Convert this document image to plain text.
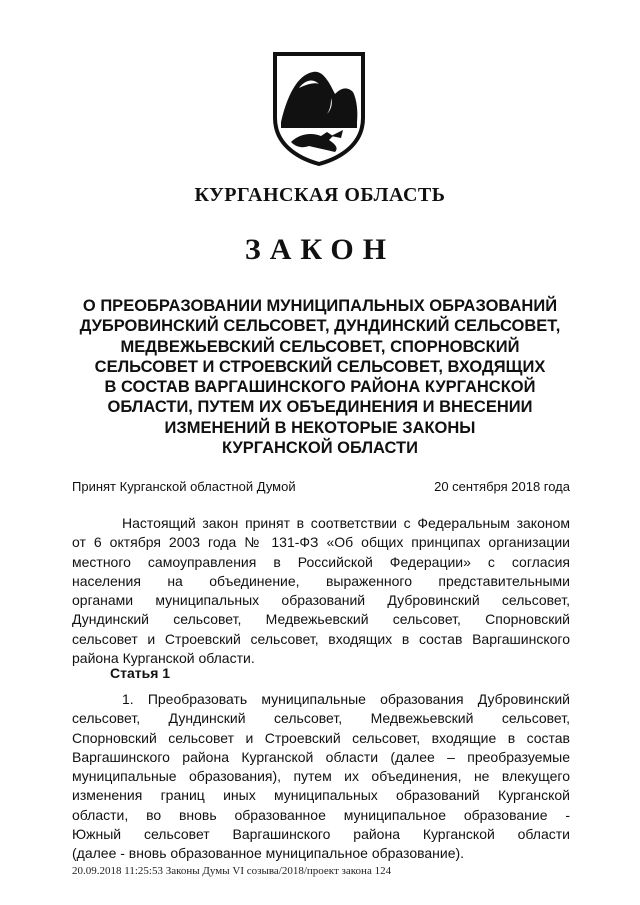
КУРГАНСКАЯ ОБЛАСТЬ
ЗАКОН
О ПРЕОБРАЗОВАНИИ МУНИЦИПАЛЬНЫХ ОБРАЗОВАНИЙ
ДУБРОВИНСКИЙ СЕЛЬСОВЕТ, ДУНДИНСКИЙ СЕЛЬСОВЕТ,
МЕДВЕЖЬЕВСКИЙ СЕЛЬСОВЕТ, СПОРНОВСКИЙ
СЕЛЬСОВЕТ И СТРОЕВСКИЙ СЕЛЬСОВЕТ, ВХОДЯЩИХ
В СОСТАВ ВАРГАШИНСКОГО РАЙОНА КУРГАНСКОЙ
ОБЛАСТИ, ПУТЕМ ИХ ОБЪЕДИНЕНИЯ И ВНЕСЕНИИ
ИЗМЕНЕНИЙ В НЕКОТОРЫЕ ЗАКОНЫ
КУРГАНСКОЙ ОБЛАСТИ
Принят Курганской областной Думой	20 сентября 2018 года
Настоящий закон принят в соответствии с Федеральным законом
от 6 октября 2003 года № 131-ФЗ «Об общих принципах организации
местного самоуправления в Российской Федерации» с согласия
населения на объединение, выраженного представительными
органами муниципальных образований Дубровинский сельсовет,
Дундинский сельсовет, Медвежьевский сельсовет, Спорновский
сельсовет и Строевский сельсовет, входящих в состав Варгашинского
района Курганской области.
Статья 1
1. Преобразовать муниципальные образования Дубровинский
сельсовет, Дундинский сельсовет, Медвежьевский сельсовет,
Спорновский сельсовет и Строевский сельсовет, входящие в состав
Варгашинского района Курганской области (далее – преобразуемые
муниципальные образования), путем их объединения, не влекущего
изменения границ иных муниципальных образований Курганской
области, во вновь образованное муниципальное образование -
Южный сельсовет Варгашинского района Курганской области
(далее - вновь образованное муниципальное образование).
20.09.2018 11:25:53 Законы Думы VI созыва/2018/проект закона 124
